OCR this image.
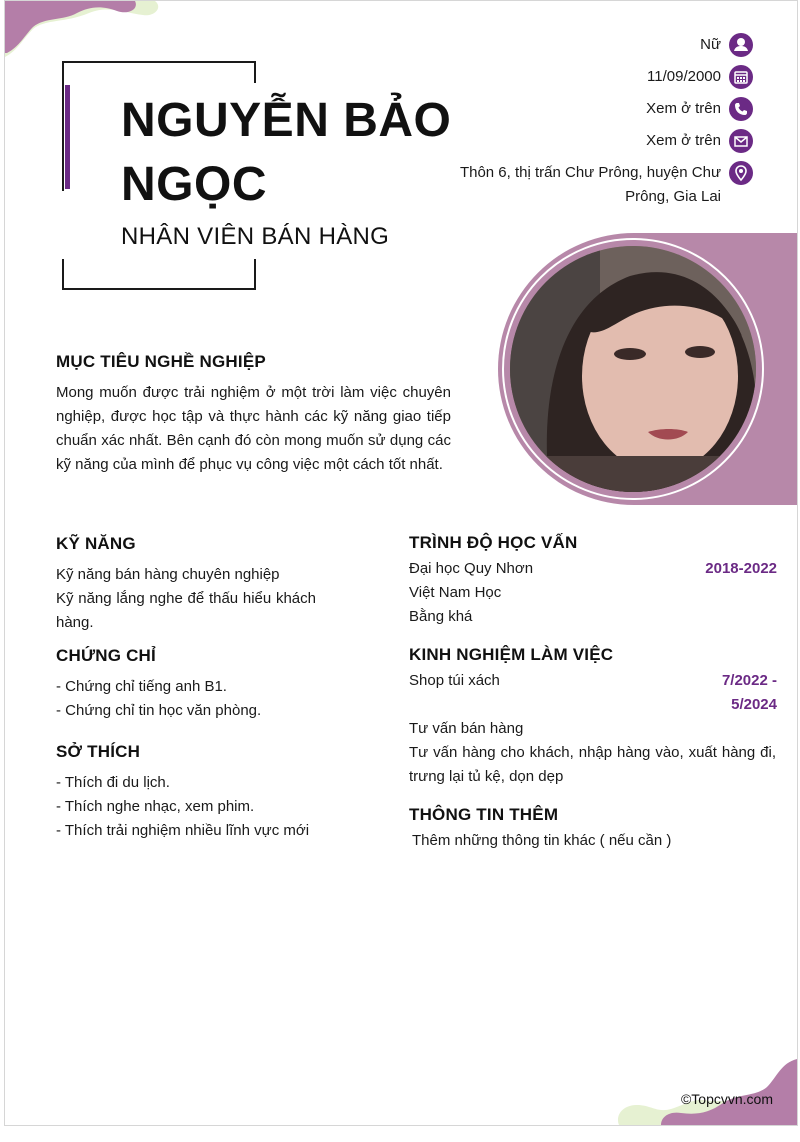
NGUYỄN BẢO NGỌC
NHÂN VIÊN BÁN HÀNG
Nữ
11/09/2000
Xem ở trên
Xem ở trên
Thôn 6, thị trấn Chư Prông, huyện Chư Prông, Gia Lai
MỤC TIÊU NGHỀ NGHIỆP
Mong muốn được trải nghiệm ở một trời làm việc chuyên nghiệp, được học tập và thực hành các kỹ năng giao tiếp chuẩn xác nhất. Bên cạnh đó còn mong muốn sử dụng các kỹ năng của mình để phục vụ công việc một cách tốt nhất.
KỸ NĂNG
Kỹ năng bán hàng chuyên nghiệp
Kỹ năng lắng nghe để thấu hiểu khách hàng.
CHỨNG CHỈ
- Chứng chỉ tiếng anh B1.
- Chứng chỉ tin học văn phòng.
SỞ THÍCH
- Thích đi du lịch.
- Thích nghe nhạc, xem phim.
- Thích trải nghiệm nhiều lĩnh vực mới
TRÌNH ĐỘ HỌC VẤN
Đại học Quy Nhơn	2018-2022
Việt Nam Học
Bằng khá
KINH NGHIỆM LÀM VIỆC
Shop túi xách	7/2022 -
5/2024
Tư vấn bán hàng
Tư vấn hàng cho khách, nhập hàng vào, xuất hàng đi, trưng lại tủ kệ, dọn dẹp
THÔNG TIN THÊM
Thêm những thông tin khác ( nếu cần )
©Topcvvn.com
